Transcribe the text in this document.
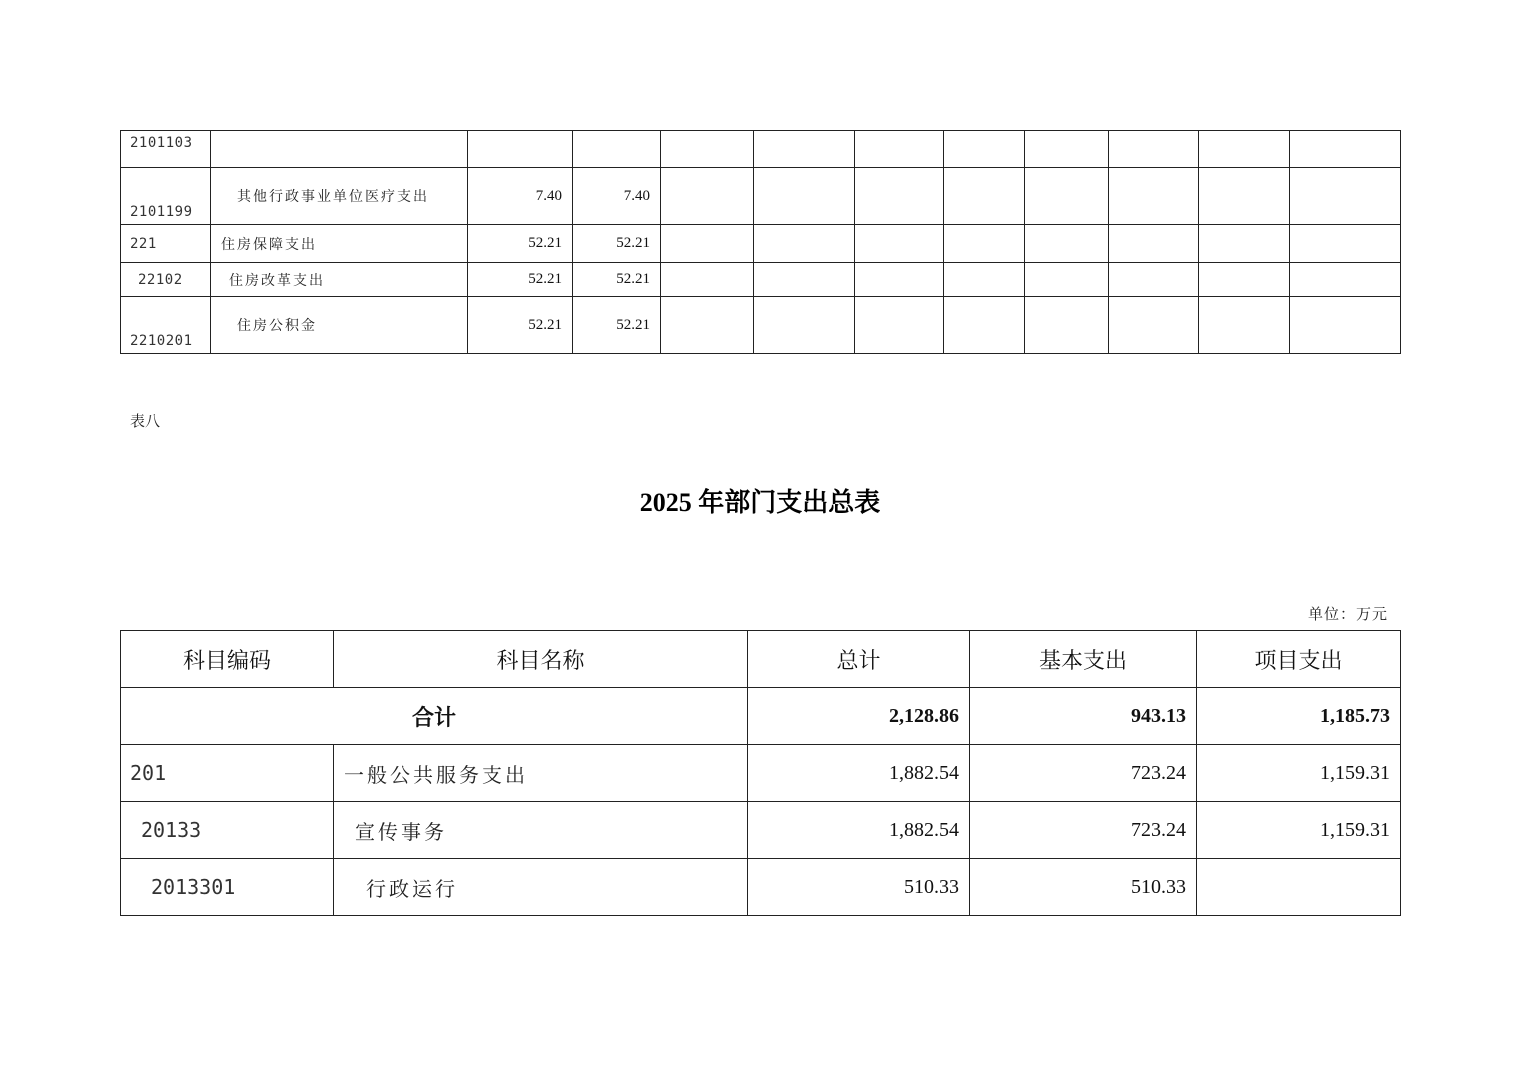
2101103											
2101199	其他行政事业单位医疗支出	7.40	7.40								
221	住房保障支出	52.21	52.21								
22102	住房改革支出	52.21	52.21								
2210201	住房公积金	52.21	52.21								
表八
2025 年部门支出总表
单位：万元
科目编码	科目名称	总计	基本支出	项目支出
合计		2,128.86	943.13	1,185.73
201	一般公共服务支出	1,882.54	723.24	1,159.31
20133	宣传事务	1,882.54	723.24	1,159.31
2013301	行政运行	510.33	510.33	
